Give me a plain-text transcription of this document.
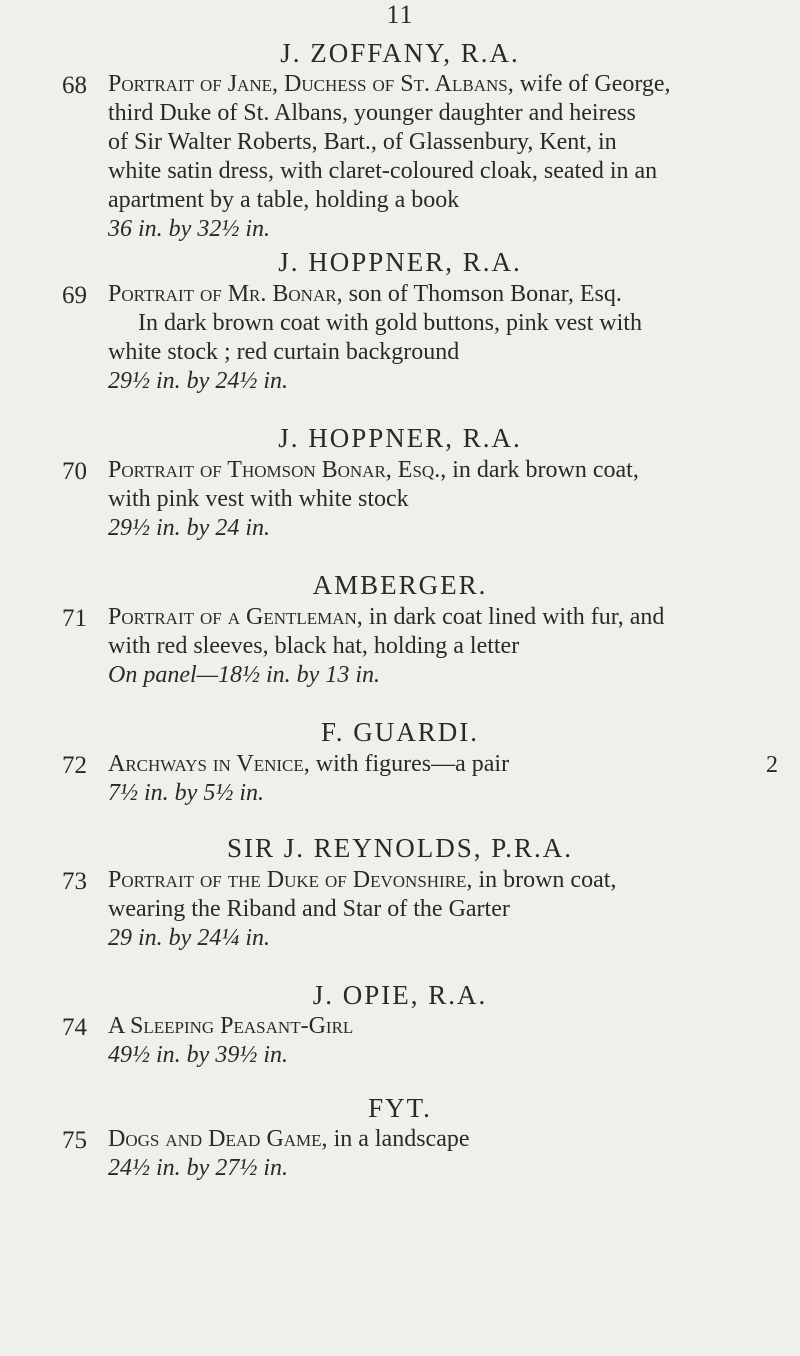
11
J. ZOFFANY, R.A.
68 Portrait of Jane, Duchess of St. Albans, wife of George,
third Duke of St. Albans, younger daughter and heiress
of Sir Walter Roberts, Bart., of Glassenbury, Kent, in
white satin dress, with claret-coloured cloak, seated in an
apartment by a table, holding a book
36 in. by 32½ in.
J. HOPPNER, R.A.
69 Portrait of Mr. Bonar, son of Thomson Bonar, Esq.
In dark brown coat with gold buttons, pink vest with
white stock ; red curtain background
29½ in. by 24½ in.
J. HOPPNER, R.A.
70 Portrait of Thomson Bonar, Esq., in dark brown coat,
with pink vest with white stock
29½ in. by 24 in.
AMBERGER.
71 Portrait of a Gentleman, in dark coat lined with fur, and
with red sleeves, black hat, holding a letter
On panel—18½ in. by 13 in.
F. GUARDI.
72 Archways in Venice, with figures—a pair
7½ in. by 5½ in.
2
SIR J. REYNOLDS, P.R.A.
73 Portrait of the Duke of Devonshire, in brown coat,
wearing the Riband and Star of the Garter
29 in. by 24¼ in.
J. OPIE, R.A.
74 A Sleeping Peasant-Girl
49½ in. by 39½ in.
FYT.
75 Dogs and Dead Game, in a landscape
24½ in. by 27½ in.
